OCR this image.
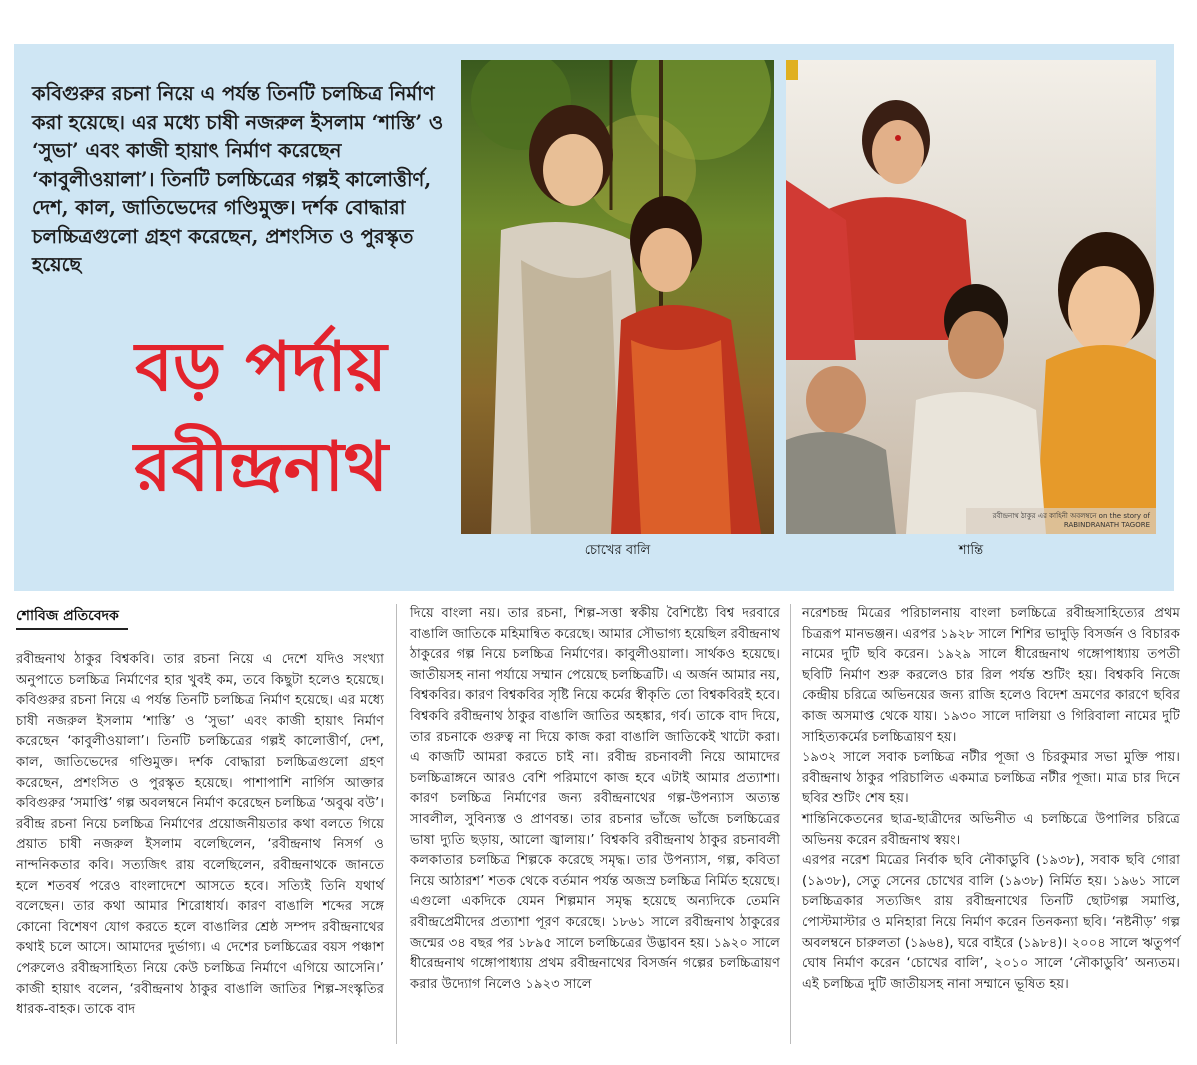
কবিগুরুর রচনা নিয়ে এ পর্যন্ত তিনটি চলচ্চিত্র নির্মাণ করা হয়েছে। এর মধ্যে চাষী নজরুল ইসলাম ‘শাস্তি’ ও ‘সুভা’ এবং কাজী হায়াৎ নির্মাণ করেছেন ‘কাবুলীওয়ালা’। তিনটি চলচ্চিত্রের গল্পই কালোত্তীর্ণ, দেশ, কাল, জাতিভেদের গণ্ডিমুক্ত। দর্শক বোদ্ধারা চলচ্চিত্রগুলো গ্রহণ করেছেন, প্রশংসিত ও পুরস্কৃত হয়েছে
বড় পর্দায়
রবীন্দ্রনাথ
চোখের বালি
রবীন্দ্রনাথ ঠাকুর এর কাহিনী অবলম্বনে on the story of RABINDRANATH TAGORE
শান্তি
শোবিজ প্রতিবেদক

রবীন্দ্রনাথ ঠাকুর বিশ্বকবি। তার রচনা নিয়ে এ দেশে যদিও সংখ্যা অনুপাতে চলচ্চিত্র নির্মাণের হার খুবই কম, তবে কিছুটা হলেও হয়েছে। কবিগুরুর রচনা নিয়ে এ পর্যন্ত তিনটি চলচ্চিত্র নির্মাণ হয়েছে। এর মধ্যে চাষী নজরুল ইসলাম ‘শাস্তি’ ও ‘সুভা’ এবং কাজী হায়াৎ নির্মাণ করেছেন ‘কাবুলীওয়ালা’। তিনটি চলচ্চিত্রের গল্পই কালোত্তীর্ণ, দেশ, কাল, জাতিভেদের গণ্ডিমুক্ত। দর্শক বোদ্ধারা চলচ্চিত্রগুলো গ্রহণ করেছেন, প্রশংসিত ও পুরস্কৃত হয়েছে। পাশাপাশি নার্গিস আক্তার কবিগুরুর ‘সমাপ্তি’ গল্প অবলম্বনে নির্মাণ করেছেন চলচ্চিত্র ‘অবুঝ বউ’। রবীন্দ্র রচনা নিয়ে চলচ্চিত্র নির্মাণের প্রয়োজনীয়তার কথা বলতে গিয়ে প্রয়াত চাষী নজরুল ইসলাম বলেছিলেন, ‘রবীন্দ্রনাথ নিসর্গ ও নান্দনিকতার কবি। সত্যজিৎ রায় বলেছিলেন, রবীন্দ্রনাথকে জানতে হলে শতবর্ষ পরেও বাংলাদেশে আসতে হবে। সত্যিই তিনি যথার্থ বলেছেন। তার কথা আমার শিরোধার্য। কারণ বাঙালি শব্দের সঙ্গে কোনো বিশেষণ যোগ করতে হলে বাঙালির শ্রেষ্ঠ সম্পদ রবীন্দ্রনাথের কথাই চলে আসে। আমাদের দুর্ভাগ্য। এ দেশের চলচ্চিত্রের বয়স পঞ্চাশ পেরুলেও রবীন্দ্রসাহিত্য নিয়ে কেউ চলচ্চিত্র নির্মাণে এগিয়ে আসেনি।’ কাজী হায়াৎ বলেন, ‘রবীন্দ্রনাথ ঠাকুর বাঙালি জাতির শিল্প-সংস্কৃতির ধারক-বাহক। তাকে বাদ

দিয়ে বাংলা নয়। তার রচনা, শিল্প-সত্তা স্বকীয় বৈশিষ্ট্যে বিশ্ব দরবারে বাঙালি জাতিকে মহিমান্বিত করেছে। আমার সৌভাগ্য হয়েছিল রবীন্দ্রনাথ ঠাকুরের গল্প নিয়ে চলচ্চিত্র নির্মাণের। কাবুলীওয়ালা। সার্থকও হয়েছে। জাতীয়সহ নানা পর্যায়ে সম্মান পেয়েছে চলচ্চিত্রটি। এ অর্জন আমার নয়, বিশ্বকবির। কারণ বিশ্বকবির সৃষ্টি নিয়ে কর্মের স্বীকৃতি তো বিশ্বকবিরই হবে। বিশ্বকবি রবীন্দ্রনাথ ঠাকুর বাঙালি জাতির অহঙ্কার, গর্ব। তাকে বাদ দিয়ে, তার রচনাকে গুরুত্ব না দিয়ে কাজ করা বাঙালি জাতিকেই খাটো করা। এ কাজটি আমরা করতে চাই না। রবীন্দ্র রচনাবলী নিয়ে আমাদের চলচ্চিত্রাঙ্গনে আরও বেশি পরিমাণে কাজ হবে এটাই আমার প্রত্যাশা। কারণ চলচ্চিত্র নির্মাণের জন্য রবীন্দ্রনাথের গল্প-উপন্যাস অত্যন্ত সাবলীল, সুবিন্যস্ত ও প্রাণবন্ত। তার রচনার ভাঁজে ভাঁজে চলচ্চিত্রের ভাষা দ্যুতি ছড়ায়, আলো জ্বালায়।’ বিশ্বকবি রবীন্দ্রনাথ ঠাকুর রচনাবলী কলকাতার চলচ্চিত্র শিল্পকে করেছে সমৃদ্ধ। তার উপন্যাস, গল্প, কবিতা নিয়ে আঠারশ’ শতক থেকে বর্তমান পর্যন্ত অজস্র চলচ্চিত্র নির্মিত হয়েছে। এগুলো একদিকে যেমন শিল্পমান সমৃদ্ধ হয়েছে অন্যদিকে তেমনি রবীন্দ্রপ্রেমীদের প্রত্যাশা পূরণ করেছে। ১৮৬১ সালে রবীন্দ্রনাথ ঠাকুরের জন্মের ৩৪ বছর পর ১৮৯৫ সালে চলচ্চিত্রের উদ্ভাবন হয়। ১৯২০ সালে ধীরেন্দ্রনাথ গঙ্গোপাধ্যায় প্রথম রবীন্দ্রনাথের বিসর্জন গল্পের চলচ্চিত্রায়ণ করার উদ্যোগ নিলেও ১৯২৩ সালে

নরেশচন্দ্র মিত্রের পরিচালনায় বাংলা চলচ্চিত্রে রবীন্দ্রসাহিত্যের প্রথম চিত্ররূপ মানভঞ্জন। এরপর ১৯২৮ সালে শিশির ভাদুড়ি বিসর্জন ও বিচারক নামের দুটি ছবি করেন। ১৯২৯ সালে ধীরেন্দ্রনাথ গঙ্গোপাধ্যায় তপতী ছবিটি নির্মাণ শুরু করলেও চার রিল পর্যন্ত শুটিং হয়। বিশ্বকবি নিজে কেন্দ্রীয় চরিত্রে অভিনয়ের জন্য রাজি হলেও বিদেশ ভ্রমণের কারণে ছবির কাজ অসমাপ্ত থেকে যায়। ১৯৩০ সালে দালিয়া ও গিরিবালা নামের দুটি সাহিত্যকর্মের চলচ্চিত্রায়ণ হয়।

১৯৩২ সালে সবাক চলচ্চিত্র নটীর পূজা ও চিরকুমার সভা মুক্তি পায়। রবীন্দ্রনাথ ঠাকুর পরিচালিত একমাত্র চলচ্চিত্র নটীর পূজা। মাত্র চার দিনে ছবির শুটিং শেষ হয়।

শান্তিনিকেতনের ছাত্র-ছাত্রীদের অভিনীত এ চলচ্চিত্রে উপালির চরিত্রে অভিনয় করেন রবীন্দ্রনাথ স্বয়ং।

এরপর নরেশ মিত্রের নির্বাক ছবি নৌকাডুবি (১৯৩৮), সবাক ছবি গোরা (১৯৩৮), সেতু সেনের চোখের বালি (১৯৩৮) নির্মিত হয়। ১৯৬১ সালে চলচ্চিত্রকার সত্যজিৎ রায় রবীন্দ্রনাথের তিনটি ছোটগল্প সমাপ্তি, পোস্টমাস্টার ও মনিহারা নিয়ে নির্মাণ করেন তিনকন্যা ছবি। ‘নষ্টনীড়’ গল্প অবলম্বনে চারুলতা (১৯৬৪), ঘরে বাইরে (১৯৮৪)। ২০০৪ সালে ঋতুপর্ণ ঘোষ নির্মাণ করেন ‘চোখের বালি’, ২০১০ সালে ‘নৌকাডুবি’ অন্যতম। এই চলচ্চিত্র দুটি জাতীয়সহ নানা সম্মানে ভূষিত হয়।
